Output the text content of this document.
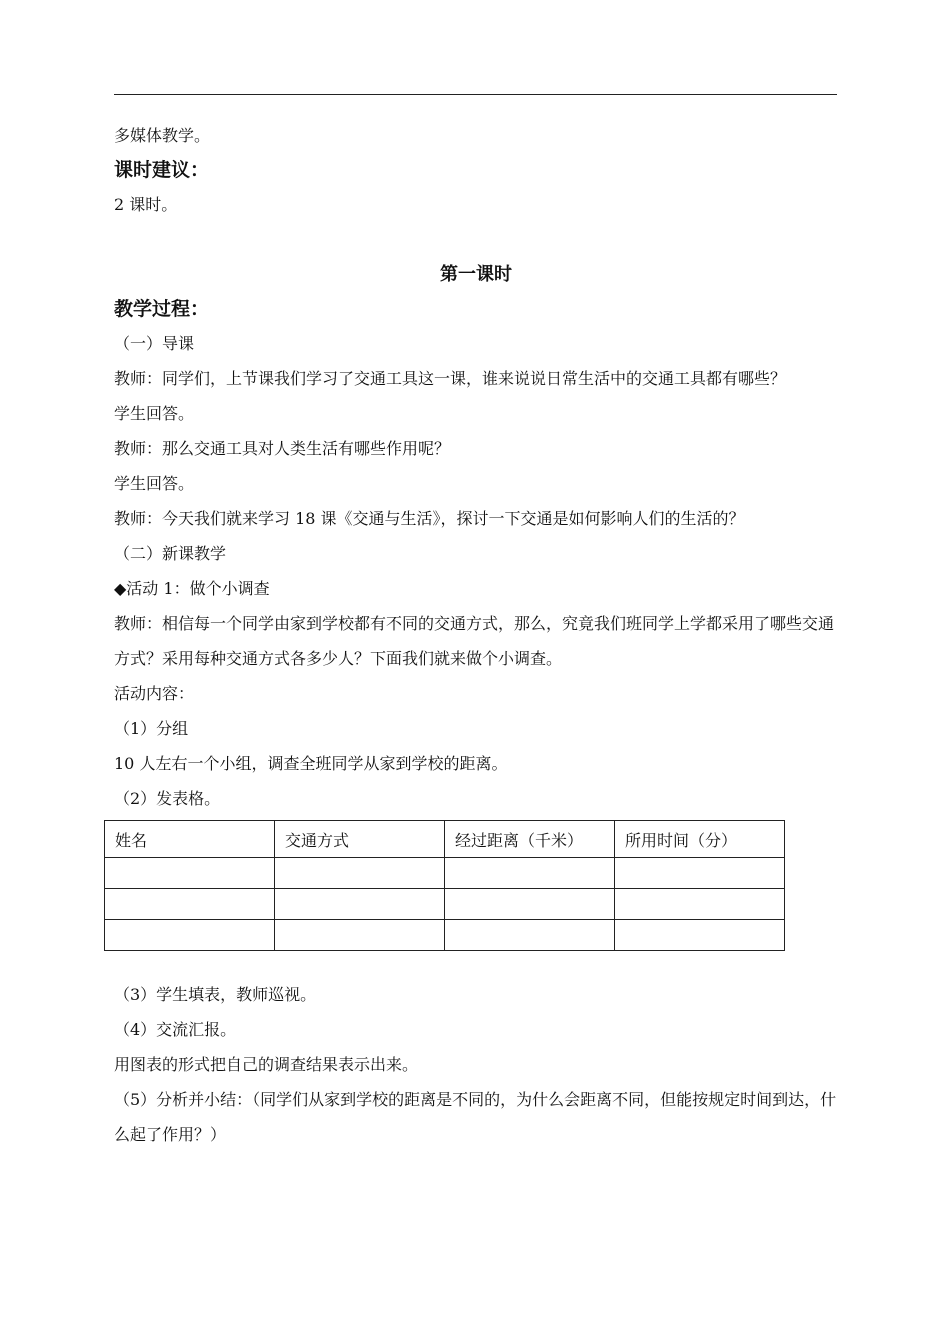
多媒体教学。
课时建议：
2 课时。
第一课时
教学过程：
（一）导课
教师：同学们，上节课我们学习了交通工具这一课，谁来说说日常生活中的交通工具都有哪些？
学生回答。
教师：那么交通工具对人类生活有哪些作用呢？
学生回答。
教师：今天我们就来学习 18 课《交通与生活》，探讨一下交通是如何影响人们的生活的？
（二）新课教学
◆活动 1：做个小调查
教师：相信每一个同学由家到学校都有不同的交通方式，那么，究竟我们班同学上学都采用了哪些交通方式？采用每种交通方式各多少人？下面我们就来做个小调查。
活动内容：
（1）分组
10 人左右一个小组，调查全班同学从家到学校的距离。
（2）发表格。
姓名	交通方式	经过距离（千米）	所用时间（分）

（3）学生填表，教师巡视。
（4）交流汇报。
用图表的形式把自己的调查结果表示出来。
（5）分析并小结：（同学们从家到学校的距离是不同的，为什么会距离不同，但能按规定时间到达，什么起了作用？）
